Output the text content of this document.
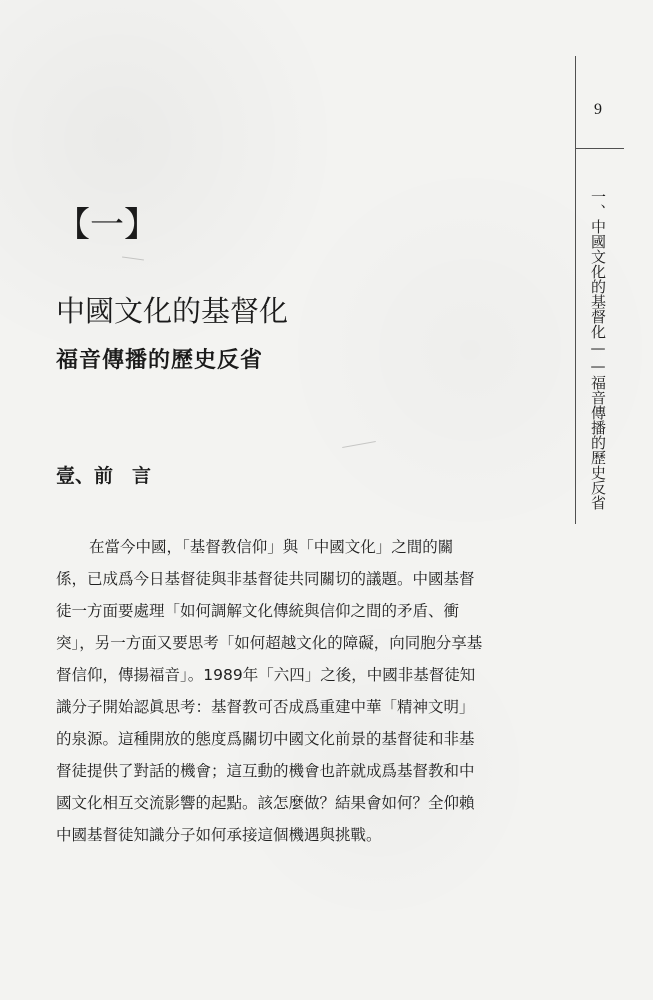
9
一、中國文化的基督化——福音傳播的歷史反省
【一】
中國文化的基督化
福音傳播的歷史反省
壹、前　言
在當今中國，「基督教信仰」與「中國文化」之間的關
係，已成爲今日基督徒與非基督徒共同關切的議題。中國基督
徒一方面要處理「如何調解文化傳統與信仰之間的矛盾、衝
突」，另一方面又要思考「如何超越文化的障礙，向同胞分享基
督信仰，傳揚福音」。1989年「六四」之後，中國非基督徒知
識分子開始認眞思考：基督教可否成爲重建中華「精神文明」
的泉源。這種開放的態度爲關切中國文化前景的基督徒和非基
督徒提供了對話的機會；這互動的機會也許就成爲基督教和中
國文化相互交流影響的起點。該怎麼做？結果會如何？全仰賴
中國基督徒知識分子如何承接這個機遇與挑戰。
